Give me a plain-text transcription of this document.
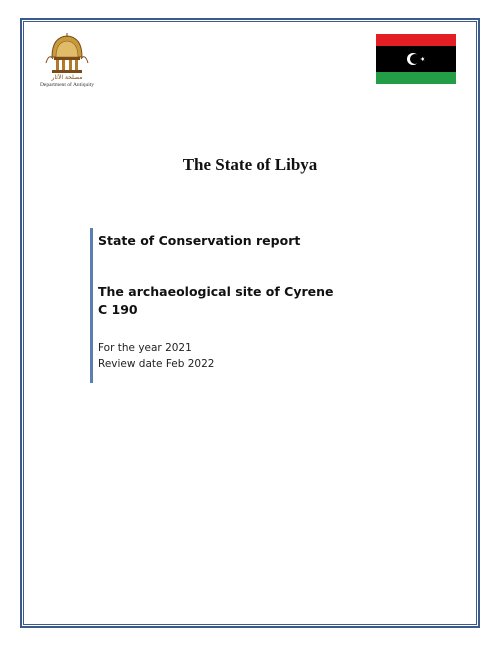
مصلحة الآثار
Department of Antiquity
The State of Libya
State of Conservation report
The archaeological site of Cyrene
C 190
For the year 2021
Review date Feb 2022
